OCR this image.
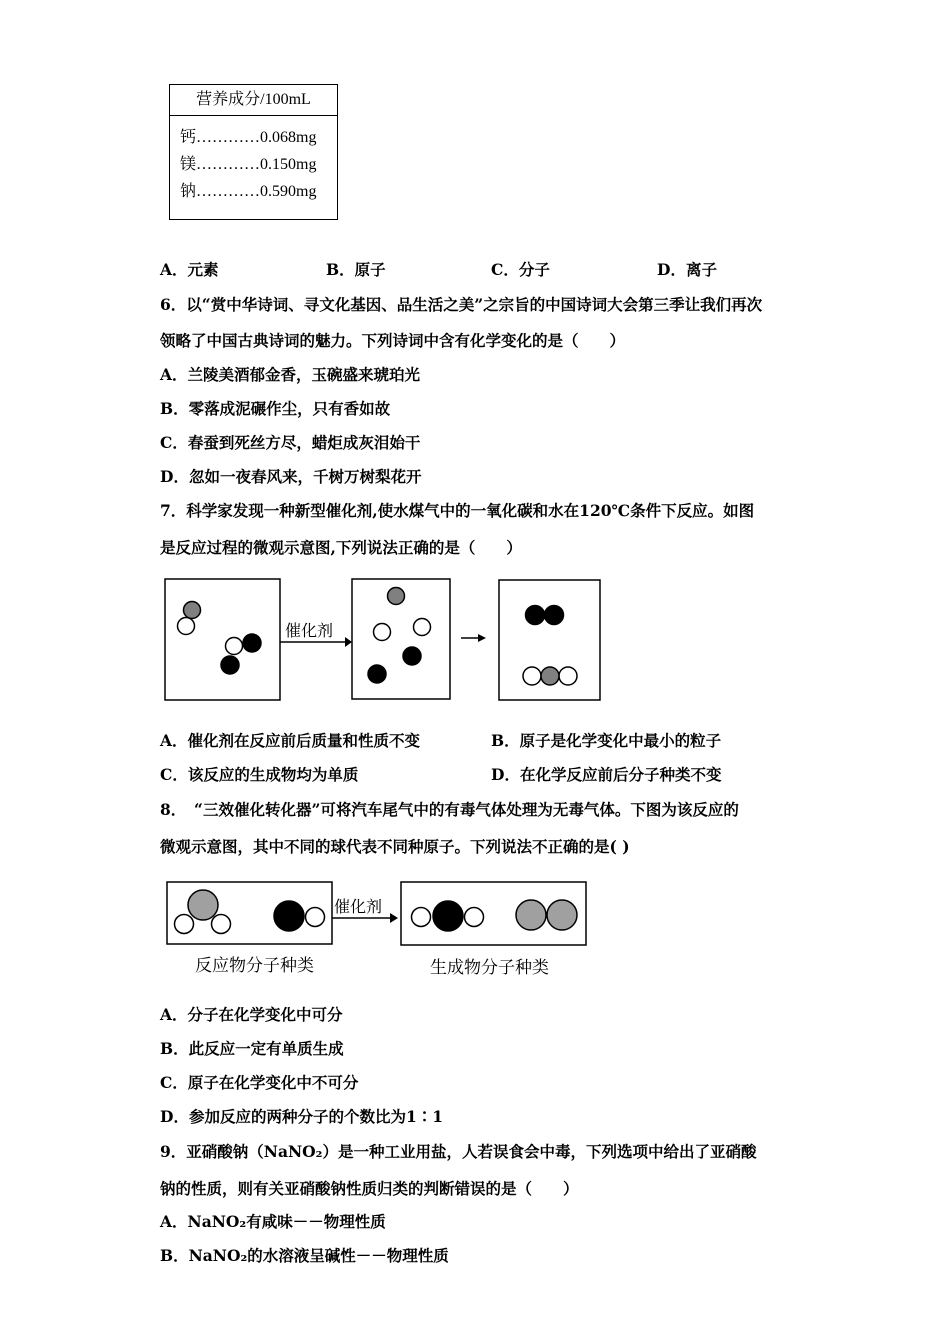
营养成分/100mL
钙…………0.068mg
镁…………0.150mg
钠…………0.590mg
A．元素	B．原子	C．分子	D．离子
6．以“赏中华诗词、寻文化基因、品生活之美”之宗旨的中国诗词大会第三季让我们再次
领略了中国古典诗词的魅力。下列诗词中含有化学变化的是（　　）
A．兰陵美酒郁金香，玉碗盛来琥珀光
B．零落成泥碾作尘，只有香如故
C．春蚕到死丝方尽，蜡炬成灰泪始干
D．忽如一夜春风来，千树万树梨花开
7．科学家发现一种新型催化剂,使水煤气中的一氧化碳和水在120℃条件下反应。如图
是反应过程的微观示意图,下列说法正确的是（　　）
催化剂
A．催化剂在反应前后质量和性质不变	B．原子是化学变化中最小的粒子
C．该反应的生成物均为单质	D．在化学反应前后分子种类不变
8．　“三效催化转化器”可将汽车尾气中的有毒气体处理为无毒气体。下图为该反应的
微观示意图，其中不同的球代表不同种原子。下列说法不正确的是( )
催化剂
反应物分子种类	生成物分子种类
A．分子在化学变化中可分
B．此反应一定有单质生成
C．原子在化学变化中不可分
D．参加反应的两种分子的个数比为1∶1
9．亚硝酸钠（NaNO₂）是一种工业用盐，人若误食会中毒，下列选项中给出了亚硝酸
钠的性质，则有关亚硝酸钠性质归类的判断错误的是（　　）
A．NaNO₂有咸味－－物理性质
B．NaNO₂的水溶液呈碱性－－物理性质
